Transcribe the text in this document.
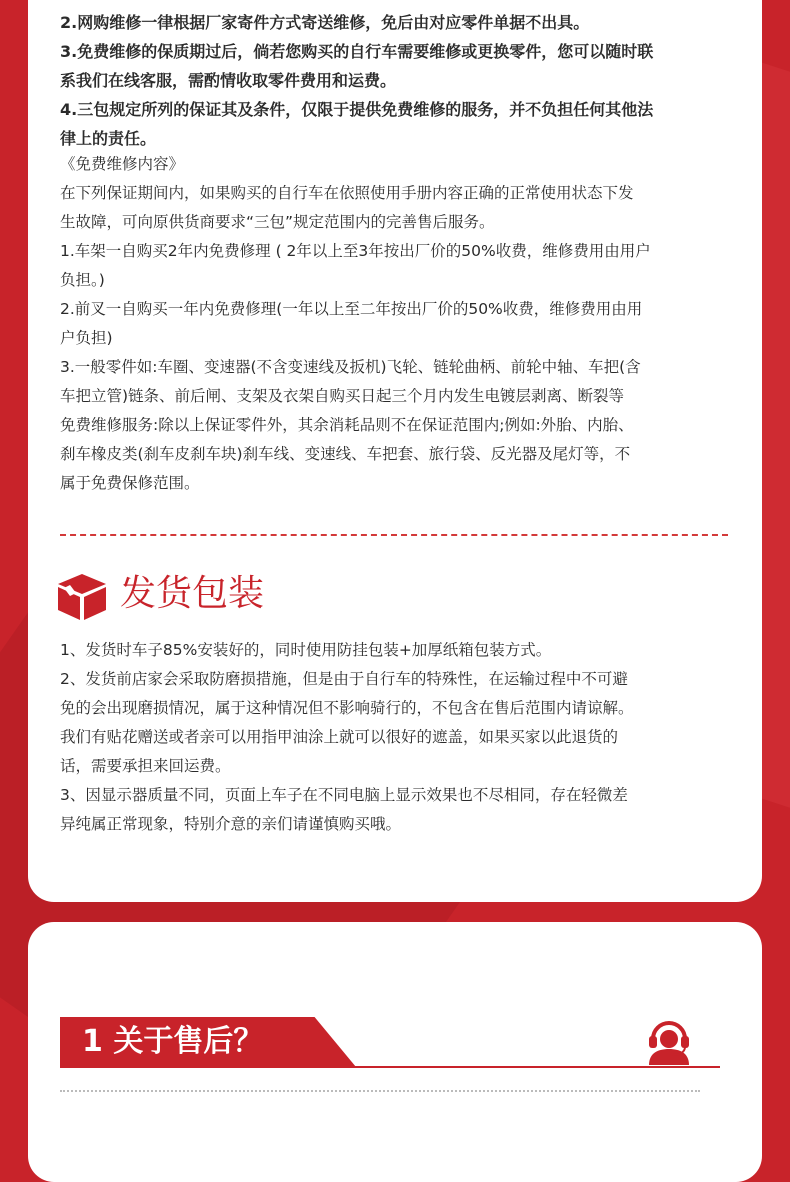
2.网购维修一律根据厂家寄件方式寄送维修，免后由对应零件单据不出具。
3.免费维修的保质期过后，倘若您购买的自行车需要维修或更换零件，您可以随时联
系我们在线客服，需酌情收取零件费用和运费。
4.三包规定所列的保证其及条件，仅限于提供免费维修的服务，并不负担任何其他法
律上的责任。
《免费维修内容》
在下列保证期间内，如果购买的自行车在依照使用手册内容正确的正常使用状态下发
生故障，可向原供货商要求“三包”规定范围内的完善售后服务。
1.车架一自购买2年内免费修理 ( 2年以上至3年按出厂价的50%收费，维修费用由用户
负担。)
2.前叉一自购买一年内免费修理(一年以上至二年按出厂价的50%收费，维修费用由用
户负担)
3.一般零件如:车圈、变速器(不含变速线及扳机)飞轮、链轮曲柄、前轮中轴、车把(含
车把立管)链条、前后闸、支架及衣架自购买日起三个月内发生电镀层剥离、断裂等
免费维修服务:除以上保证零件外，其余消耗品则不在保证范围内;例如:外胎、内胎、
刹车橡皮类(刹车皮刹车块)刹车线、变速线、车把套、旅行袋、反光器及尾灯等，不
属于免费保修范围。
发货包装
1、发货时车子85%安装好的，同时使用防挂包装+加厚纸箱包装方式。
2、发货前店家会采取防磨损措施，但是由于自行车的特殊性，在运输过程中不可避
免的会出现磨损情况，属于这种情况但不影响骑行的，不包含在售后范围内请谅解。
我们有贴花赠送或者亲可以用指甲油涂上就可以很好的遮盖，如果买家以此退货的
话，需要承担来回运费。
3、因显示器质量不同，页面上车子在不同电脑上显示效果也不尽相同，存在轻微差
异纯属正常现象，特别介意的亲们请谨慎购买哦。
1 关于售后？
